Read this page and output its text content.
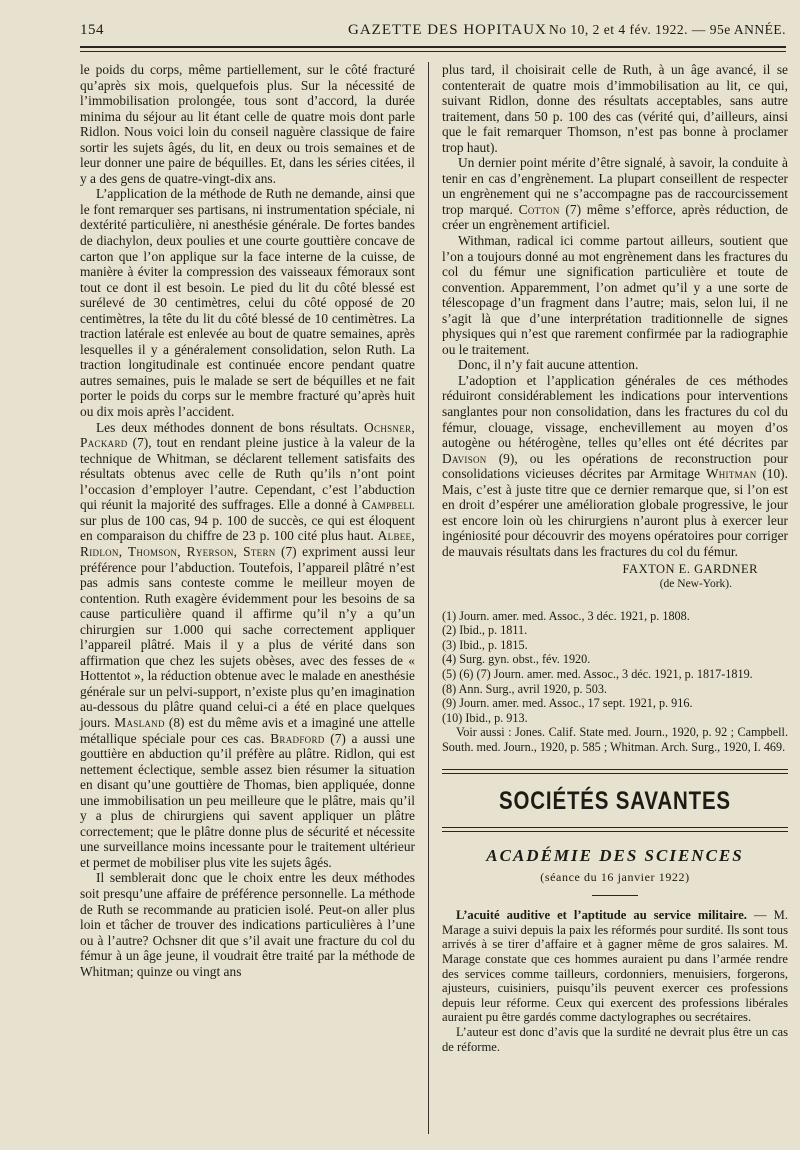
154	GAZETTE DES HOPITAUX No 10, 2 et 4 fév. 1922. — 95e ANNÉE.

le poids du corps, même partiellement, sur le côté fracturé qu’après six mois, quelquefois plus. Sur la nécessité de l’immobilisation prolongée, tous sont d’accord, la durée minima du séjour au lit étant celle de quatre mois dont parle Ridlon. Nous voici loin du conseil naguère classique de faire sortir les sujets âgés, du lit, en deux ou trois semaines et de leur donner une paire de béquilles. Et, dans les séries citées, il y a des gens de quatre-vingt-dix ans.

L’application de la méthode de Ruth ne demande, ainsi que le font remarquer ses partisans, ni instrumentation spéciale, ni dextérité particulière, ni anesthésie générale. De fortes bandes de diachylon, deux poulies et une courte gouttière concave de carton que l’on applique sur la face interne de la cuisse, de manière à éviter la compression des vaisseaux fémoraux sont tout ce dont il est besoin. Le pied du lit du côté blessé est surélevé de 30 centimètres, celui du côté opposé de 20 centimètres, la tête du lit du côté blessé de 10 centimètres. La traction latérale est enlevée au bout de quatre semaines, après lesquelles il y a généralement consolidation, selon Ruth. La traction longitudinale est continuée encore pendant quatre autres semaines, puis le malade se sert de béquilles et ne fait porter le poids du corps sur le membre fracturé qu’après huit ou dix mois après l’accident.

Les deux méthodes donnent de bons résultats. Ochsner, Packard (7), tout en rendant pleine justice à la valeur de la technique de Whitman, se déclarent tellement satisfaits des résultats obtenus avec celle de Ruth qu’ils n’ont point l’occasion d’employer l’autre. Cependant, c’est l’abduction qui réunit la majorité des suffrages. Elle a donné à Campbell sur plus de 100 cas, 94 p. 100 de succès, ce qui est éloquent en comparaison du chiffre de 23 p. 100 cité plus haut. Albee, Ridlon, Thomson, Ryerson, Stern (7) expriment aussi leur préférence pour l’abduction. Toutefois, l’appareil plâtré n’est pas admis sans conteste comme le meilleur moyen de contention. Ruth exagère évidemment pour les besoins de sa cause particulière quand il affirme qu’il n’y a qu’un chirurgien sur 1.000 qui sache correctement appliquer l’appareil plâtré. Mais il y a plus de vérité dans son affirmation que chez les sujets obèses, avec des fesses de « Hottentot », la réduction obtenue avec le malade en anesthésie générale sur un pelvi-support, n’existe plus qu’en imagination au-dessous du plâtre quand celui-ci a été en place quelques jours. Masland (8) est du même avis et a imaginé une attelle métallique spéciale pour ces cas. Bradford (7) a aussi une gouttière en abduction qu’il préfère au plâtre. Ridlon, qui est nettement éclectique, semble assez bien résumer la situation en disant qu’une gouttière de Thomas, bien appliquée, donne une immobilisation un peu meilleure que le plâtre, mais qu’il y a plus de chirurgiens qui savent appliquer un plâtre correctement; que le plâtre donne plus de sécurité et nécessite une surveillance moins incessante pour le traitement ultérieur et permet de mobiliser plus vite les sujets âgés.

Il semblerait donc que le choix entre les deux méthodes soit presqu’une affaire de préférence personnelle. La méthode de Ruth se recommande au praticien isolé. Peut-on aller plus loin et tâcher de trouver des indications particulières à l’une ou à l’autre? Ochsner dit que s’il avait une fracture du col du fémur à un âge jeune, il voudrait être traité par la méthode de Whitman; quinze ou vingt ans

plus tard, il choisirait celle de Ruth, à un âge avancé, il se contenterait de quatre mois d’immobilisation au lit, ce qui, suivant Ridlon, donne des résultats acceptables, sans autre traitement, dans 50 p. 100 des cas (vérité qui, d’ailleurs, ainsi que le fait remarquer Thomson, n’est pas bonne à proclamer trop haut).

Un dernier point mérite d’être signalé, à savoir, la conduite à tenir en cas d’engrènement. La plupart conseillent de respecter un engrènement qui ne s’accompagne pas de raccourcissement trop marqué. Cotton (7) même s’efforce, après réduction, de créer un engrènement artificiel.

Withman, radical ici comme partout ailleurs, soutient que l’on a toujours donné au mot engrènement dans les fractures du col du fémur une signification particulière et toute de convention. Apparemment, l’on admet qu’il y a une sorte de télescopage d’un fragment dans l’autre; mais, selon lui, il ne s’agit là que d’une interprétation traditionnelle de signes physiques qui n’est que rarement confirmée par la radiographie ou le traitement.

Donc, il n’y fait aucune attention.

L’adoption et l’application générales de ces méthodes réduiront considérablement les indications pour interventions sanglantes pour non consolidation, dans les fractures du col du fémur, clouage, vissage, enchevillement au moyen d’os autogène ou hétérogène, telles qu’elles ont été décrites par Davison (9), ou les opérations de reconstruction pour consolidations vicieuses décrites par Armitage Whitman (10). Mais, c’est à juste titre que ce dernier remarque que, si l’on est en droit d’espérer une amélioration globale progressive, le jour est encore loin où les chirurgiens n’auront plus à exercer leur ingéniosité pour découvrir des moyens opératoires pour corriger de mauvais résultats dans les fractures du col du fémur.

FAXTON E. GARDNER
(de New-York).
(1) Journ. amer. med. Assoc., 3 déc. 1921, p. 1808.
(2) Ibid., p. 1811.
(3) Ibid., p. 1815.
(4) Surg. gyn. obst., fév. 1920.
(5) (6) (7) Journ. amer. med. Assoc., 3 déc. 1921, p. 1817-1819.
(8) Ann. Surg., avril 1920, p. 503.
(9) Journ. amer. med. Assoc., 17 sept. 1921, p. 916.
(10) Ibid., p. 913.
Voir aussi : Jones. Calif. State med. Journ., 1920, p. 92 ; Campbell. South. med. Journ., 1920, p. 585 ; Whitman. Arch. Surg., 1920, I. 469.
SOCIÉTÉS SAVANTES
ACADÉMIE DES SCIENCES
(séance du 16 janvier 1922)

L’acuité auditive et l’aptitude au service militaire. — M. Marage a suivi depuis la paix les réformés pour surdité. Ils sont tous arrivés à se tirer d’affaire et à gagner même de gros salaires. M. Marage constate que ces hommes auraient pu dans l’armée rendre des services comme tailleurs, cordonniers, menuisiers, forgerons, ajusteurs, cuisiniers, puisqu’ils peuvent exercer ces professions depuis leur réforme. Ceux qui exercent des professions libérales auraient pu être gardés comme dactylographes ou secrétaires.

L’auteur est donc d’avis que la surdité ne devrait plus être un cas de réforme.
